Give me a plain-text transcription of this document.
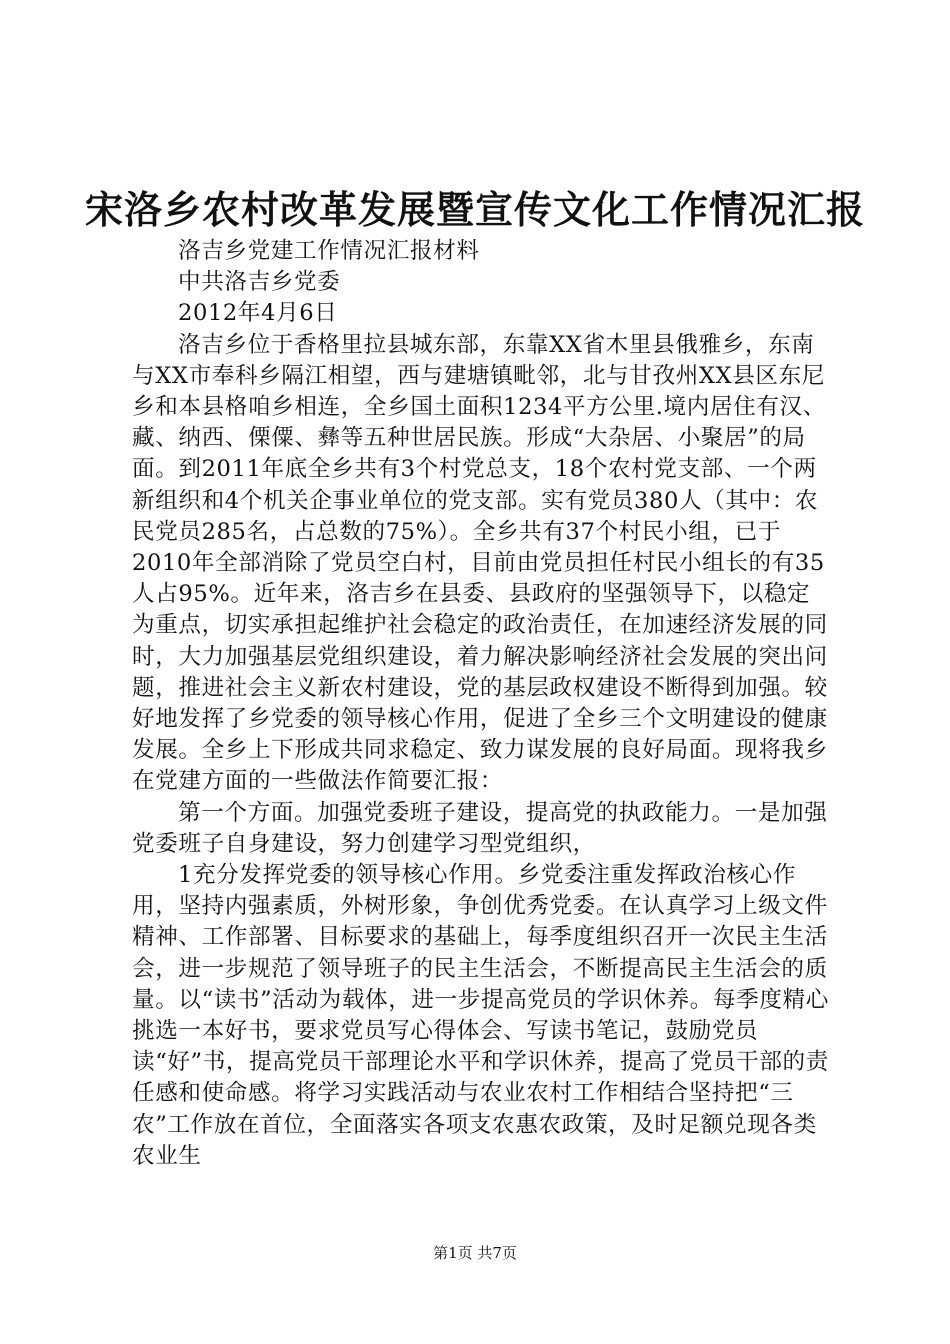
宋洛乡农村改革发展暨宣传文化工作情况汇报

洛吉乡党建工作情况汇报材料

中共洛吉乡党委

2012年4月6日

洛吉乡位于香格里拉县城东部，东靠XX省木里县俄雅乡，东南与XX市奉科乡隔江相望，西与建塘镇毗邻，北与甘孜州XX县区东尼乡和本县格咱乡相连，全乡国土面积1234平方公里.境内居住有汉、藏、纳西、傈僳、彝等五种世居民族。形成“大杂居、小聚居”的局面。到2011年底全乡共有3个村党总支，18个农村党支部、一个两新组织和4个机关企事业单位的党支部。实有党员380人（其中：农民党员285名，占总数的75%）。全乡共有37个村民小组，已于2010年全部消除了党员空白村，目前由党员担任村民小组长的有35人占95%。近年来，洛吉乡在县委、县政府的坚强领导下，以稳定为重点，切实承担起维护社会稳定的政治责任，在加速经济发展的同时，大力加强基层党组织建设，着力解决影响经济社会发展的突出问题，推进社会主义新农村建设，党的基层政权建设不断得到加强。较好地发挥了乡党委的领导核心作用，促进了全乡三个文明建设的健康发展。全乡上下形成共同求稳定、致力谋发展的良好局面。现将我乡在党建方面的一些做法作简要汇报：

第一个方面。加强党委班子建设，提高党的执政能力。一是加强党委班子自身建设，努力创建学习型党组织，

1充分发挥党委的领导核心作用。乡党委注重发挥政治核心作用，坚持内强素质，外树形象，争创优秀党委。在认真学习上级文件精神、工作部署、目标要求的基础上，每季度组织召开一次民主生活会，进一步规范了领导班子的民主生活会，不断提高民主生活会的质量。以“读书”活动为载体，进一步提高党员的学识休养。每季度精心挑选一本好书，要求党员写心得体会、写读书笔记，鼓励党员读“好”书，提高党员干部理论水平和学识休养，提高了党员干部的责任感和使命感。将学习实践活动与农业农村工作相结合坚持把“三农”工作放在首位，全面落实各项支农惠农政策，及时足额兑现各类农业生

第1页 共7页
